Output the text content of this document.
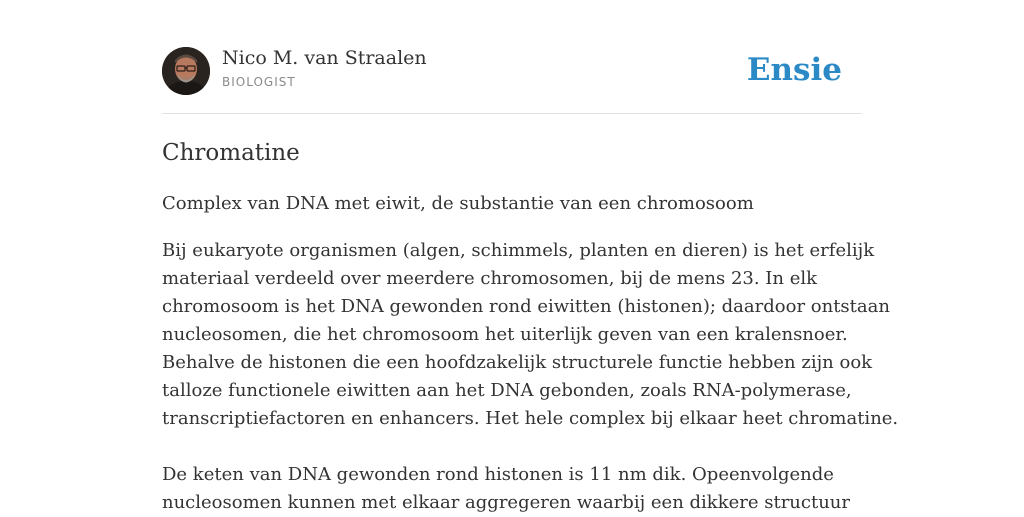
Nico M. van Straalen
BIOLOGIST	Ensie
Chromatine

Complex van DNA met eiwit, de substantie van een chromosoom

Bij eukaryote organismen (algen, schimmels, planten en dieren) is het erfelijk
materiaal verdeeld over meerdere chromosomen, bij de mens 23. In elk
chromosoom is het DNA gewonden rond eiwitten (histonen); daardoor ontstaan
nucleosomen, die het chromosoom het uiterlijk geven van een kralensnoer.
Behalve de histonen die een hoofdzakelijk structurele functie hebben zijn ook
talloze functionele eiwitten aan het DNA gebonden, zoals RNA-polymerase,
transcriptiefactoren en enhancers. Het hele complex bij elkaar heet chromatine.
De keten van DNA gewonden rond histonen is 11 nm dik. Opeenvolgende
nucleosomen kunnen met elkaar aggregeren waarbij een dikkere structuur
